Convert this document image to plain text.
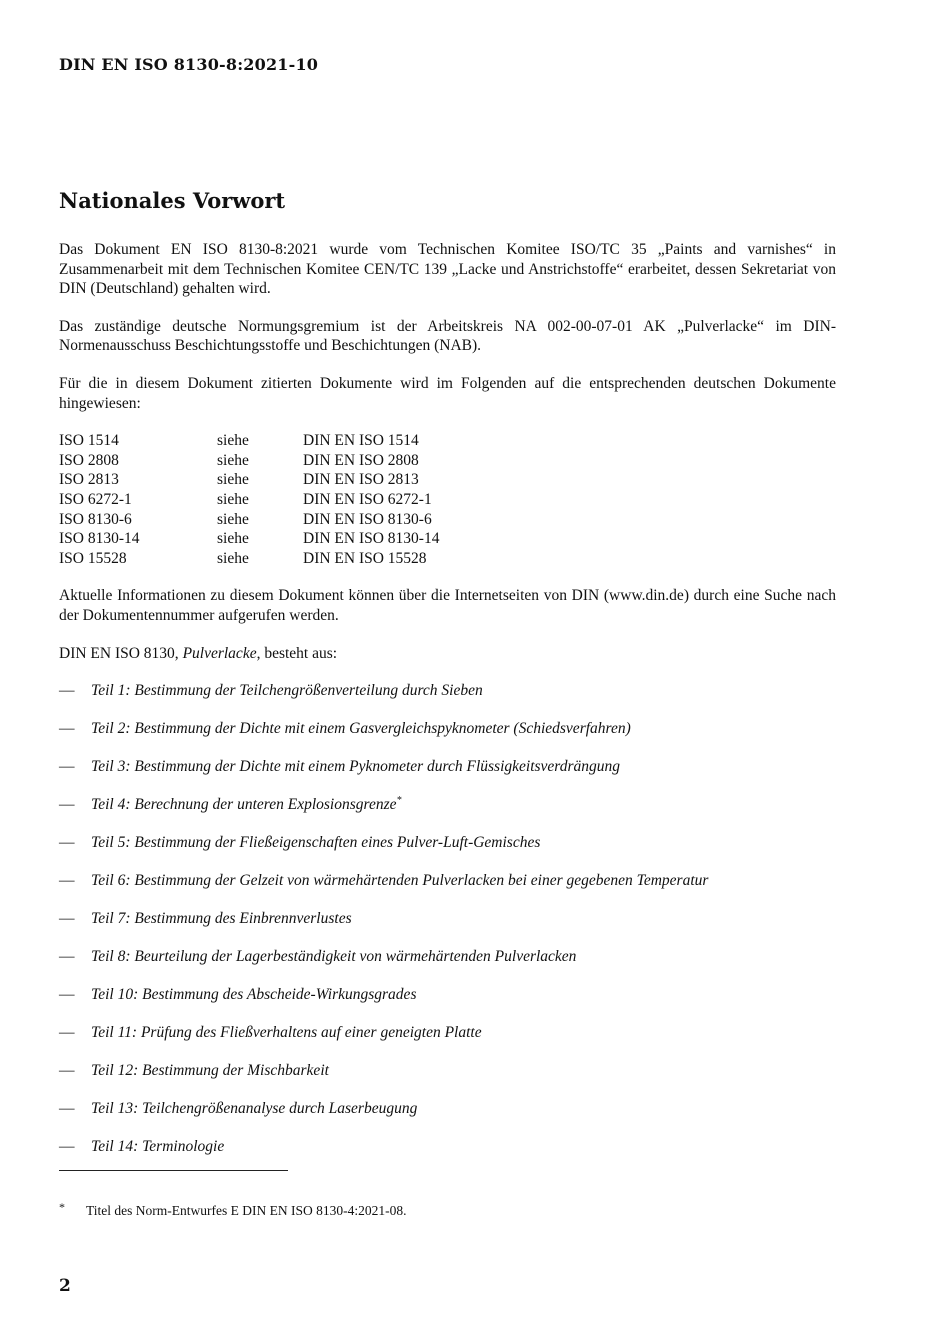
DIN EN ISO 8130-8:2021-10
Nationales Vorwort

Das Dokument EN ISO 8130-8:2021 wurde vom Technischen Komitee ISO/TC 35 „Paints and varnishes“ in Zusammenarbeit mit dem Technischen Komitee CEN/TC 139 „Lacke und Anstrichstoffe“ erarbeitet, dessen Sekretariat von DIN (Deutschland) gehalten wird.

Das zuständige deutsche Normungsgremium ist der Arbeitskreis NA 002-00-07-01 AK „Pulverlacke“ im DIN-Normenausschuss Beschichtungsstoffe und Beschichtungen (NAB).

Für die in diesem Dokument zitierten Dokumente wird im Folgenden auf die entsprechenden deutschen Dokumente hingewiesen:

ISO 1514	siehe	DIN EN ISO 1514
ISO 2808	siehe	DIN EN ISO 2808
ISO 2813	siehe	DIN EN ISO 2813
ISO 6272-1	siehe	DIN EN ISO 6272-1
ISO 8130-6	siehe	DIN EN ISO 8130-6
ISO 8130-14	siehe	DIN EN ISO 8130-14
ISO 15528	siehe	DIN EN ISO 15528

Aktuelle Informationen zu diesem Dokument können über die Internetseiten von DIN (www.din.de) durch eine Suche nach der Dokumentennummer aufgerufen werden.

DIN EN ISO 8130, Pulverlacke, besteht aus:

— Teil 1: Bestimmung der Teilchengrößenverteilung durch Sieben
— Teil 2: Bestimmung der Dichte mit einem Gasvergleichspyknometer (Schiedsverfahren)
— Teil 3: Bestimmung der Dichte mit einem Pyknometer durch Flüssigkeitsverdrängung
— Teil 4: Berechnung der unteren Explosionsgrenze*
— Teil 5: Bestimmung der Fließeigenschaften eines Pulver-Luft-Gemisches
— Teil 6: Bestimmung der Gelzeit von wärmehärtenden Pulverlacken bei einer gegebenen Temperatur
— Teil 7: Bestimmung des Einbrennverlustes
— Teil 8: Beurteilung der Lagerbeständigkeit von wärmehärtenden Pulverlacken
— Teil 10: Bestimmung des Abscheide-Wirkungsgrades
— Teil 11: Prüfung des Fließverhaltens auf einer geneigten Platte
— Teil 12: Bestimmung der Mischbarkeit
— Teil 13: Teilchengrößenanalyse durch Laserbeugung
— Teil 14: Terminologie
* Titel des Norm-Entwurfes E DIN EN ISO 8130-4:2021-08.
2
